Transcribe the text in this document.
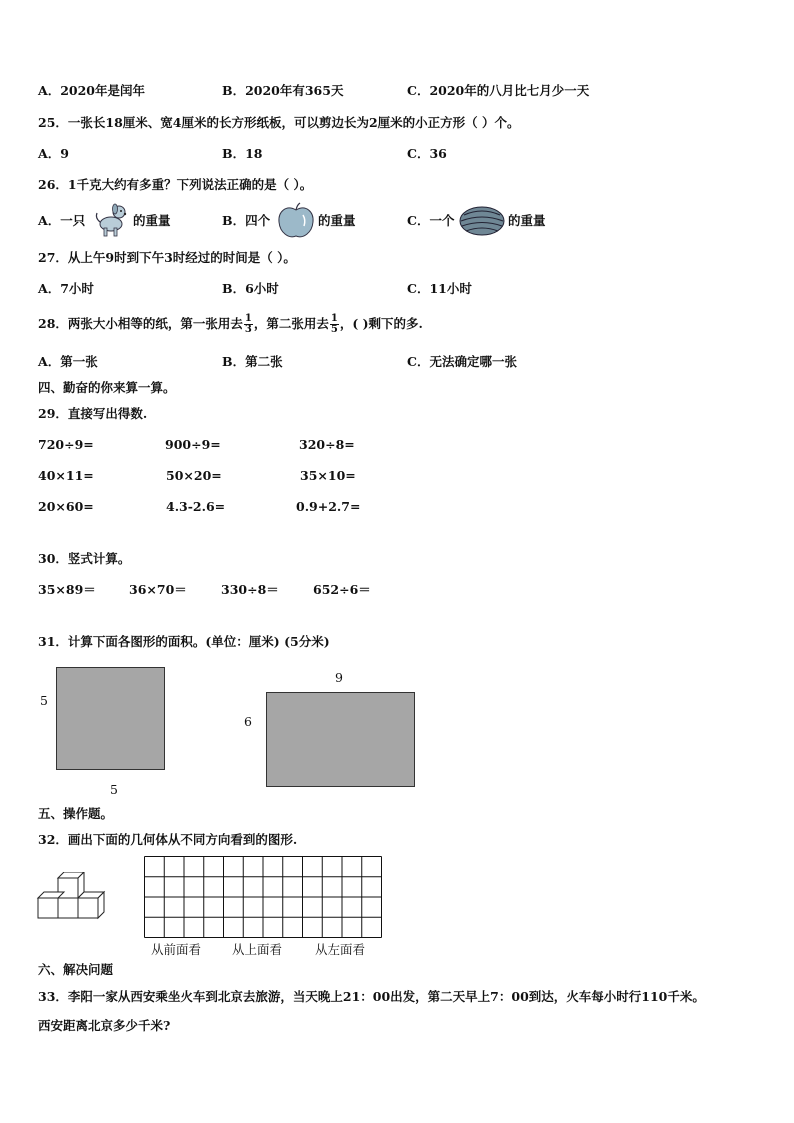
A．2020年是闰年	B．2020年有365天	C．2020年的八月比七月少一天
25．一张长18厘米、宽4厘米的长方形纸板，可以剪边长为2厘米的小正方形（ ）个。
A．9	B．18	C．36
26．1千克大约有多重？下列说法正确的是（ ）。
A．一只	的重量	B．四个	的重量	C．一个	的重量
27．从上午9时到下午3时经过的时间是（ ）。
A．7小时	B．6小时	C．11小时
28．两张大小相等的纸，第一张用去 $\frac{1}{3}$ ，第二张用去 $\frac{1}{5}$ ，( )剩下的多.
A．第一张	B．第二张	C．无法确定哪一张
四、勤奋的你来算一算。
29．直接写出得数.
720÷9=	900÷9=	320÷8=
40×11=	50×20=	35×10=
20×60=	4.3-2.6=	0.9+2.7=
30．竖式计算。
35×89＝	36×70＝	330÷8＝	652÷6＝
31．计算下面各图形的面积。(单位：厘米) (5分米)
5
5
9
6
五、操作题。
32．画出下面的几何体从不同方向看到的图形.
从前面看 从上面看	从左面看
六、解决问题
33．李阳一家从西安乘坐火车到北京去旅游，当天晚上21：00出发，第二天早上7：00到达，火车每小时行110千米。
西安距离北京多少千米?
